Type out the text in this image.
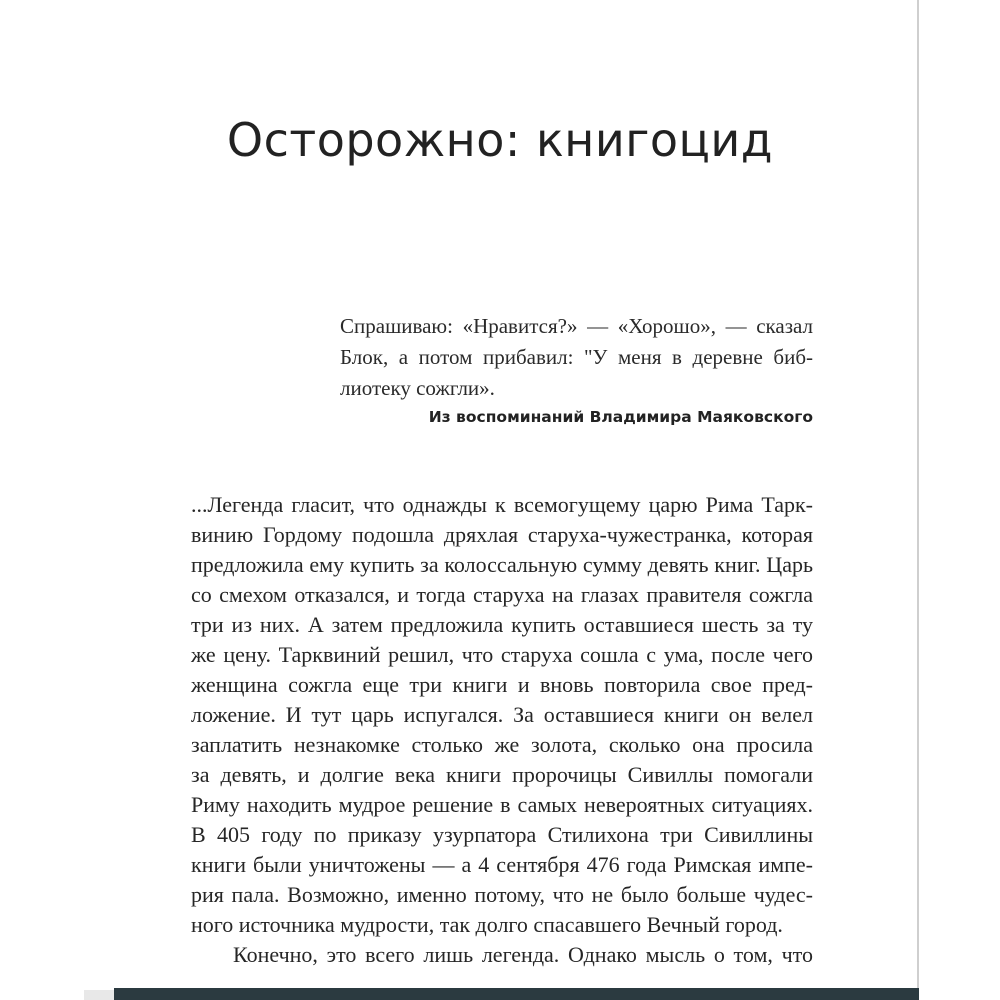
Осторожно: книгоцид
Спрашиваю: «Нравится?» — «Хорошо», — сказал
Блок, а потом прибавил: "У меня в деревне биб-
лиотеку сожгли».
Из воспоминаний Владимира Маяковского
...Легенда гласит, что однажды к всемогущему царю Рима Тарк-
винию Гордому подошла дряхлая старуха-чужестранка, которая
предложила ему купить за колоссальную сумму девять книг. Царь
со смехом отказался, и тогда старуха на глазах правителя сожгла
три из них. А затем предложила купить оставшиеся шесть за ту
же цену. Тарквиний решил, что старуха сошла с ума, после чего
женщина сожгла еще три книги и вновь повторила свое пред-
ложение. И тут царь испугался. За оставшиеся книги он велел
заплатить незнакомке столько же золота, сколько она просила
за девять, и долгие века книги пророчицы Сивиллы помогали
Риму находить мудрое решение в самых невероятных ситуациях.
В 405 году по приказу узурпатора Стилихона три Сивиллины
книги были уничтожены — а 4 сентября 476 года Римская импе-
рия пала. Возможно, именно потому, что не было больше чудес-
ного источника мудрости, так долго спасавшего Вечный город.
Конечно, это всего лишь легенда. Однако мысль о том, что
